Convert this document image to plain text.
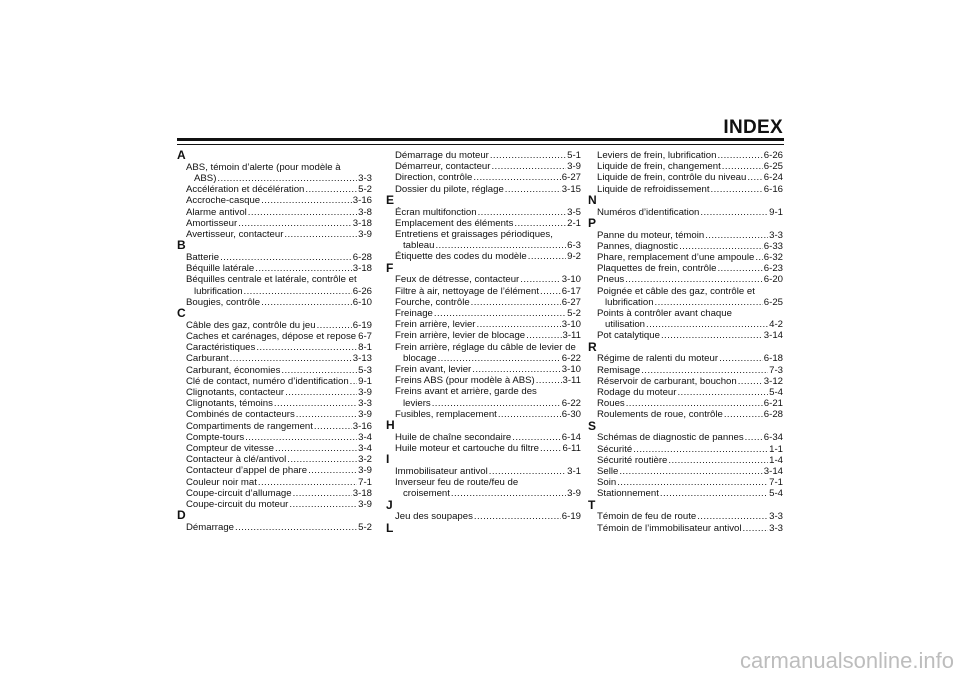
INDEX
A
ABS, témoin d’alerte (pour modèle à
ABS) .....	3-3
Accélération et décélération .....	5-2
Accroche-casque .....	3-16
Alarme antivol .....	3-8
Amortisseur .....	3-18
Avertisseur, contacteur .....	3-9
B
Batterie .....	6-28
Béquille latérale .....	3-18
Béquilles centrale et latérale, contrôle et
lubrification .....	6-26
Bougies, contrôle .....	6-10
C
Câble des gaz, contrôle du jeu .....	6-19
Caches et carénages, dépose et repose 6-7
Caractéristiques .....	8-1
Carburant .....	3-13
Carburant, économies .....	5-3
Clé de contact, numéro d’identification ..... 9-1
Clignotants, contacteur .....	3-9
Clignotants, témoins .....	3-3
Combinés de contacteurs .....	3-9
Compartiments de rangement .....	3-16
Compte-tours .....	3-4
Compteur de vitesse .....	3-4
Contacteur à clé/antivol .....	3-2
Contacteur d’appel de phare .....	3-9
Couleur noir mat .....	7-1
Coupe-circuit d’allumage .....	3-18
Coupe-circuit du moteur .....	3-9
D
Démarrage .....	5-2
Démarrage du moteur .....	5-1
Démarreur, contacteur .....	3-9
Direction, contrôle .....	6-27
Dossier du pilote, réglage .....	3-15
E
Écran multifonction .....	3-5
Emplacement des éléments .....	2-1
Entretiens et graissages périodiques,
tableau .....	6-3
Étiquette des codes du modèle .....	9-2
F
Feux de détresse, contacteur .....	3-10
Filtre à air, nettoyage de l’élément ..... 6-17
Fourche, contrôle .....	6-27
Freinage .....	5-2
Frein arrière, levier .....	3-10
Frein arrière, levier de blocage .....	3-11
Frein arrière, réglage du câble de levier de
blocage .....	6-22
Frein avant, levier .....	3-10
Freins ABS (pour modèle à ABS) .....	3-11
Freins avant et arrière, garde des
leviers .....	6-22
Fusibles, remplacement .....	6-30
H
Huile de chaîne secondaire .....	6-14
Huile moteur et cartouche du filtre ..... 6-11
I
Immobilisateur antivol .....	3-1
Inverseur feu de route/feu de
croisement .....	3-9
J
Jeu des soupapes .....	6-19
L
Leviers de frein, lubrification .....	6-26
Liquide de frein, changement .....	6-25
Liquide de frein, contrôle du niveau ..... 6-24
Liquide de refroidissement .....	6-16
N
Numéros d’identification .....	9-1
P
Panne du moteur, témoin .....	3-3
Pannes, diagnostic .....	6-33
Phare, remplacement d’une ampoule ..... 6-32
Plaquettes de frein, contrôle .....	6-23
Pneus .....	6-20
Poignée et câble des gaz, contrôle et
lubrification .....	6-25
Points à contrôler avant chaque
utilisation .....	4-2
Pot catalytique .....	3-14
R
Régime de ralenti du moteur .....	6-18
Remisage .....	7-3
Réservoir de carburant, bouchon .....	3-12
Rodage du moteur .....	5-4
Roues .....	6-21
Roulements de roue, contrôle .....	6-28
S
Schémas de diagnostic de pannes ..... 6-34
Sécurité .....	1-1
Sécurité routière .....	1-4
Selle .....	3-14
Soin .....	7-1
Stationnement .....	5-4
T
Témoin de feu de route .....	3-3
Témoin de l’immobilisateur antivol .....	3-3
carmanualsonline.info
